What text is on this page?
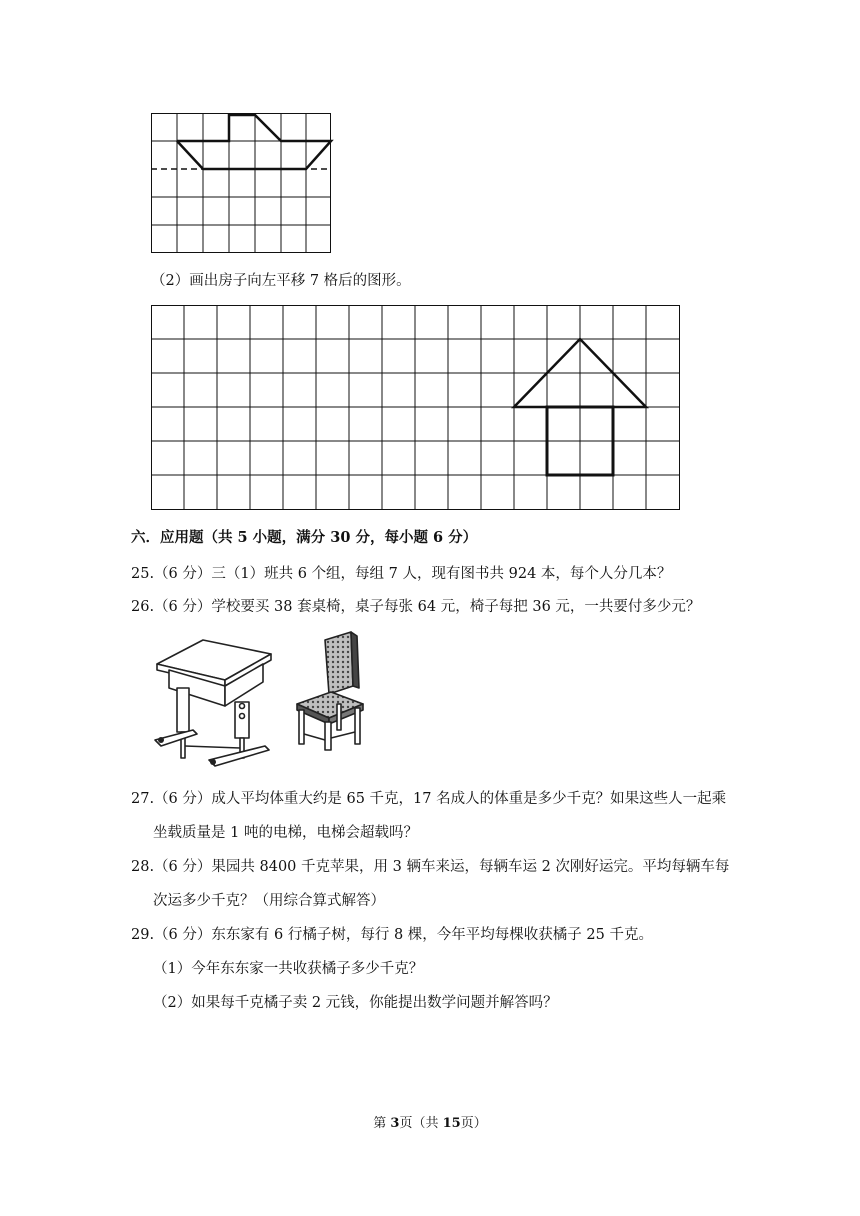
（2）画出房子向左平移 7 格后的图形。
六．应用题（共 5 小题，满分 30 分，每小题 6 分）
25.（6 分）三（1）班共 6 个组，每组 7 人，现有图书共 924 本，每个人分几本？
26.（6 分）学校要买 38 套桌椅，桌子每张 64 元，椅子每把 36 元，一共要付多少元？
27.（6 分）成人平均体重大约是 65 千克，17 名成人的体重是多少千克？如果这些人一起乘
坐载质量是 1 吨的电梯，电梯会超载吗？
28.（6 分）果园共 8400 千克苹果，用 3 辆车来运，每辆车运 2 次刚好运完。平均每辆车每
次运多少千克？（用综合算式解答）
29.（6 分）东东家有 6 行橘子树，每行 8 棵，今年平均每棵收获橘子 25 千克。
（1）今年东东家一共收获橘子多少千克？
（2）如果每千克橘子卖 2 元钱，你能提出数学问题并解答吗？
第 3页（共 15页）
